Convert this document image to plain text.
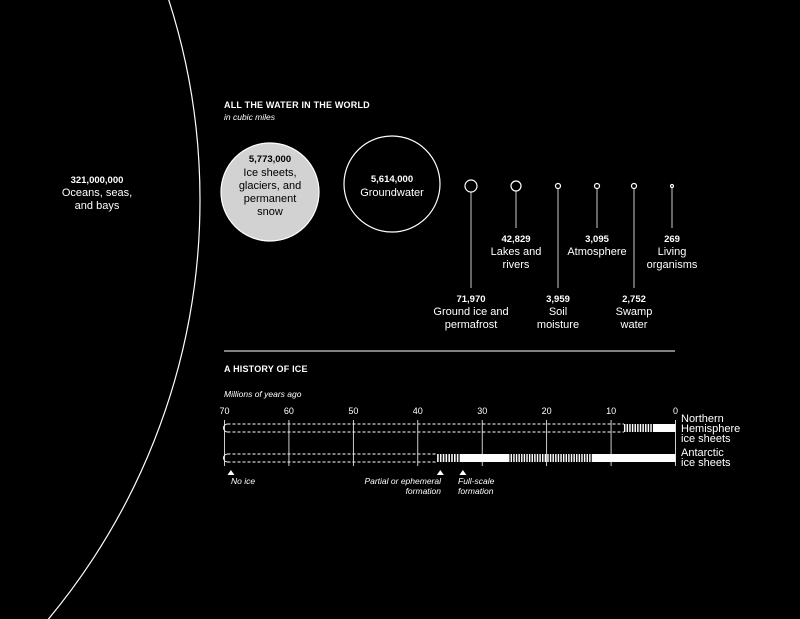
321,000,000
Oceans, seas,
and bays
ALL THE WATER IN THE WORLD
in cubic miles
5,773,000
Ice sheets,
glaciers, and
permanent
snow
5,614,000
Groundwater
71,970
Ground ice and
permafrost
42,829
Lakes and
rivers
3,959
Soil
moisture
3,095
Atmosphere
2,752
Swamp
water
269
Living
organisms
A HISTORY OF ICE
Millions of years ago
70	60	50	40	30	20	10	0
Northern
Hemisphere
ice sheets
Antarctic
ice sheets
No ice	Partial or ephemeral
formation
Full-scale
formation
